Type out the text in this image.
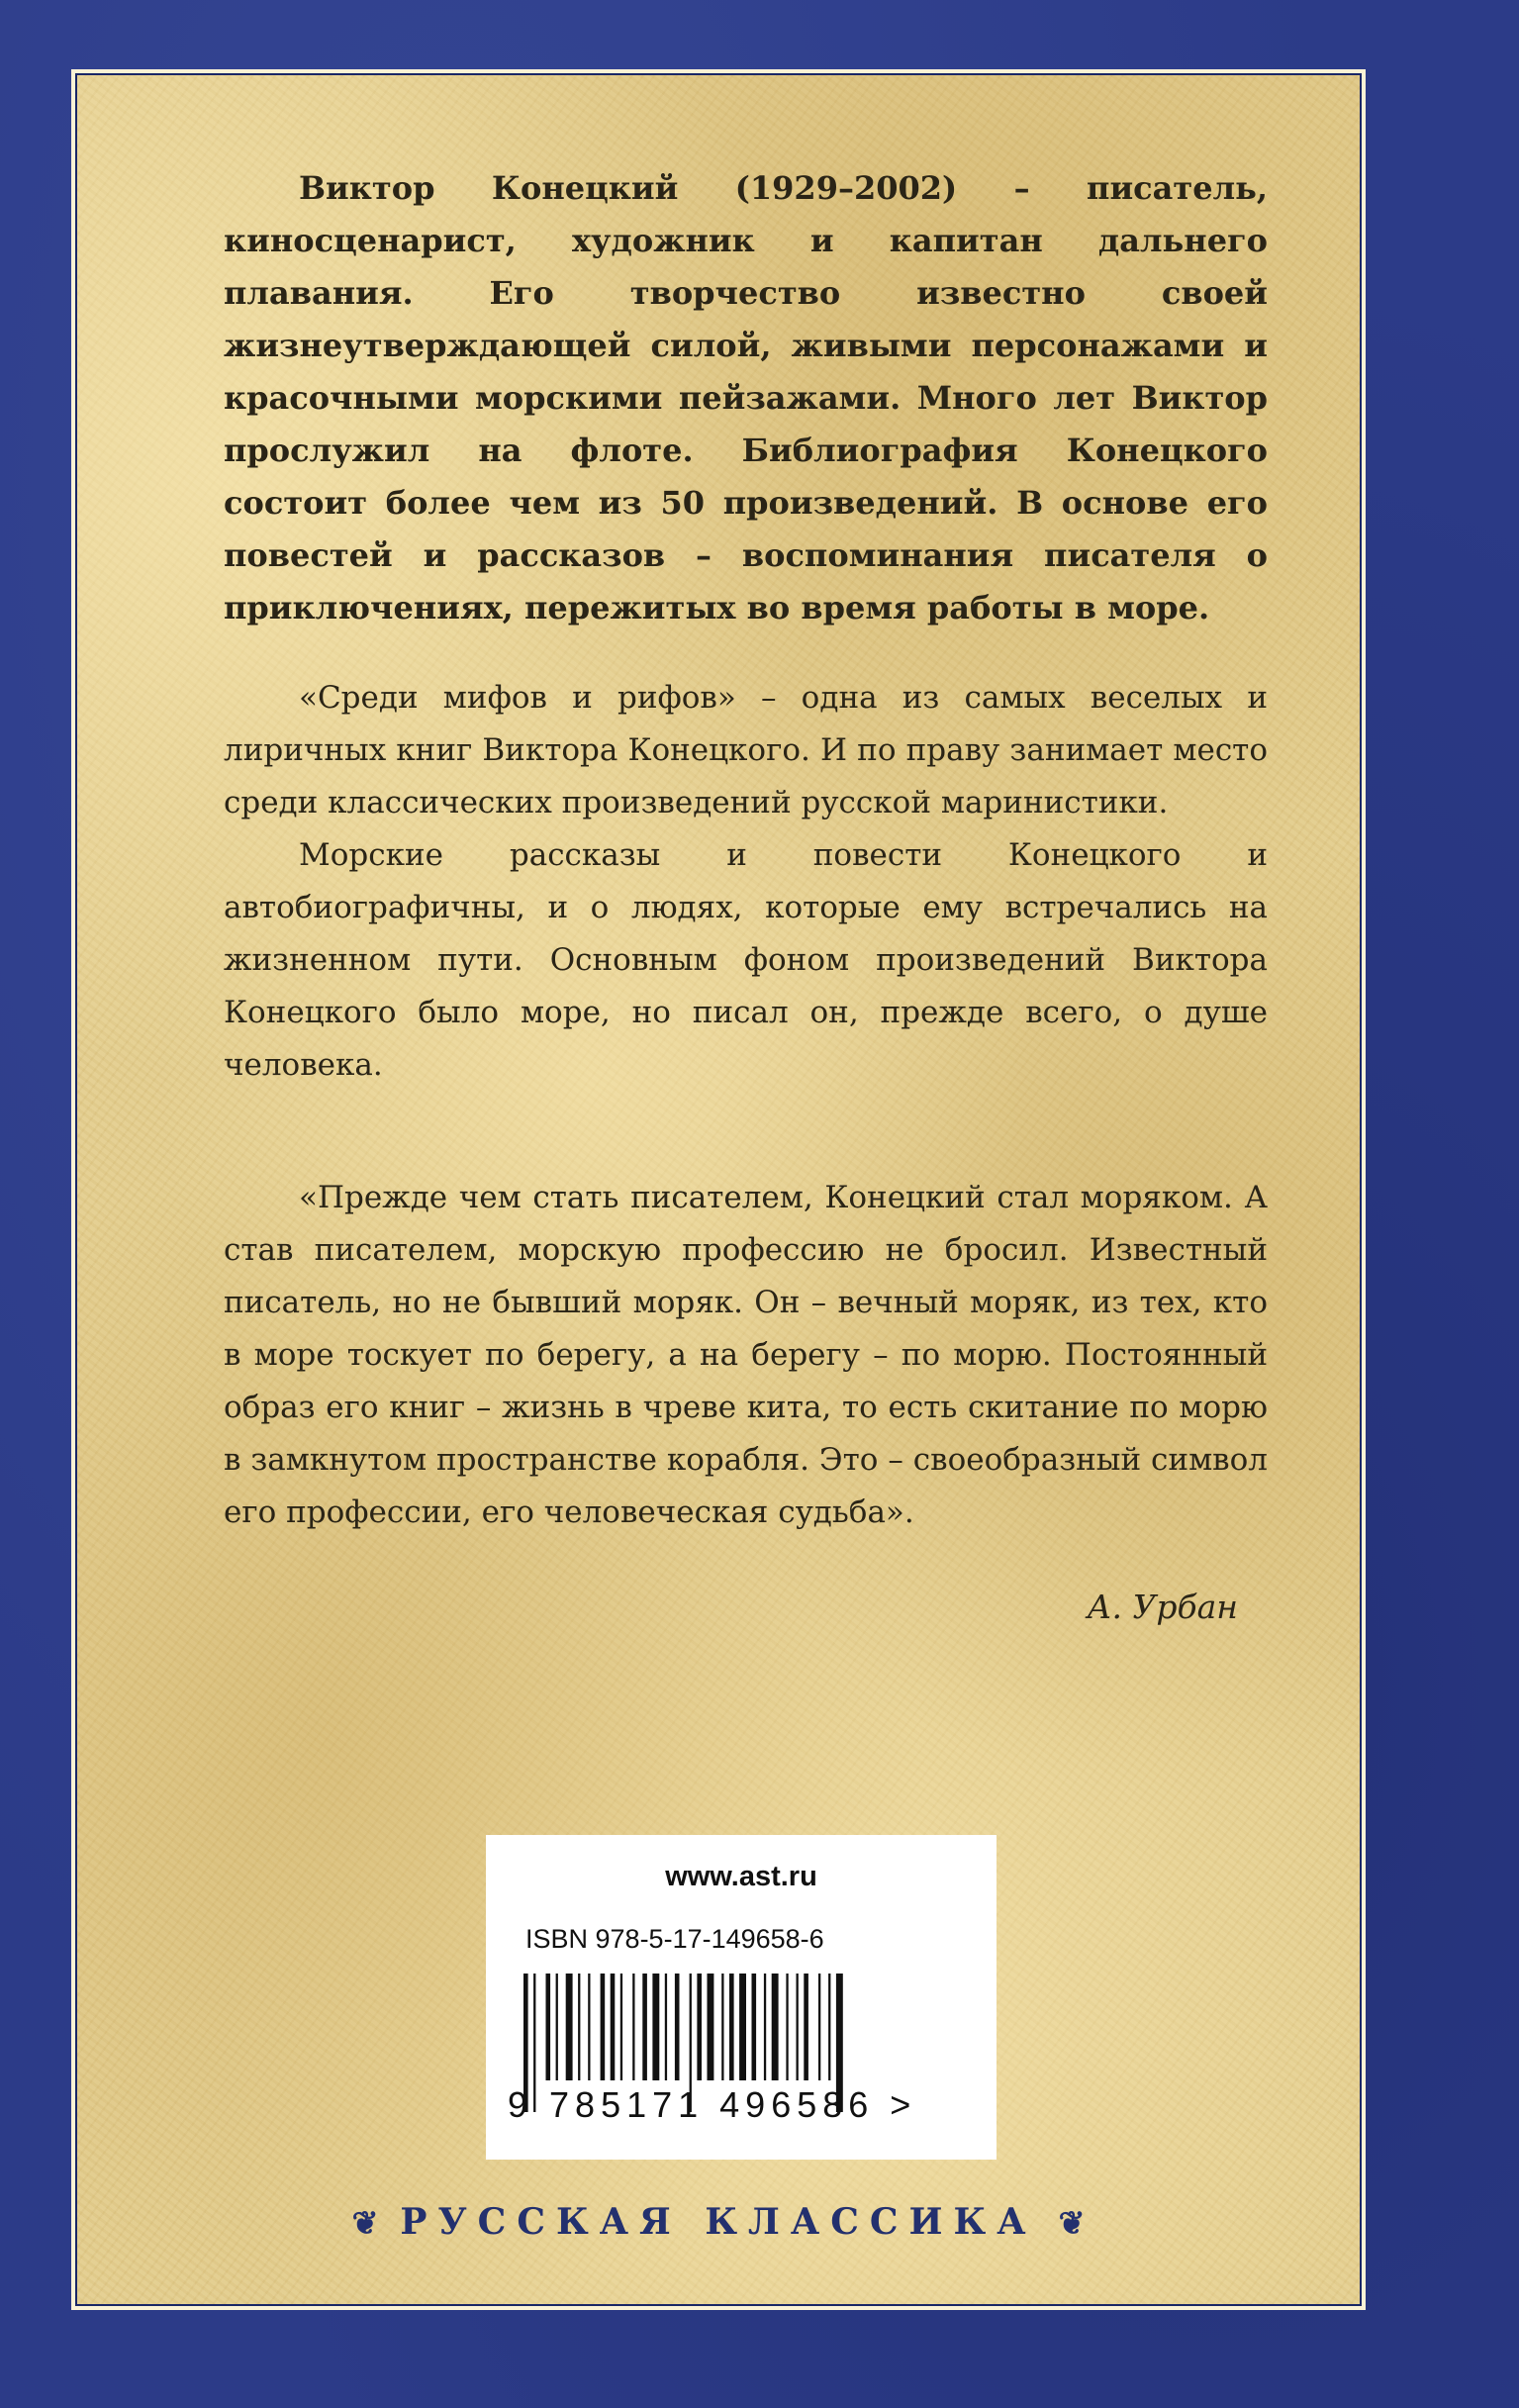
Виктор Конецкий (1929–2002) – писатель, киносценарист, художник и капитан дальнего плавания. Его творчество известно своей жизнеутверждающей силой, живыми персонажами и красочными морскими пейзажами. Много лет Виктор прослужил на флоте. Библиография Конецкого состоит более чем из 50 произведений. В основе его повестей и рассказов – воспоминания писателя о приключениях, пережитых во время работы в море.

«Среди мифов и рифов» – одна из самых веселых и лиричных книг Виктора Конецкого. И по праву занимает место среди классических произведений русской маринистики.

Морские рассказы и повести Конецкого и автобиографичны, и о людях, которые ему встречались на жизненном пути. Основным фоном произведений Виктора Конецкого было море, но писал он, прежде всего, о душе человека.

«Прежде чем стать писателем, Конецкий стал моряком. А став писателем, морскую профессию не бросил. Известный писатель, но не бывший моряк. Он – вечный моряк, из тех, кто в море тоскует по берегу, а на берегу – по морю. Постоянный образ его книг – жизнь в чреве кита, то есть скитание по морю в замкнутом пространстве корабля. Это – своеобразный символ его профессии, его человеческая судьба».

А. Урбан
www.ast.ru
ISBN 978-5-17-149658-6
9 785171 496586 >
❦ РУССКАЯ КЛАССИКА ❦
